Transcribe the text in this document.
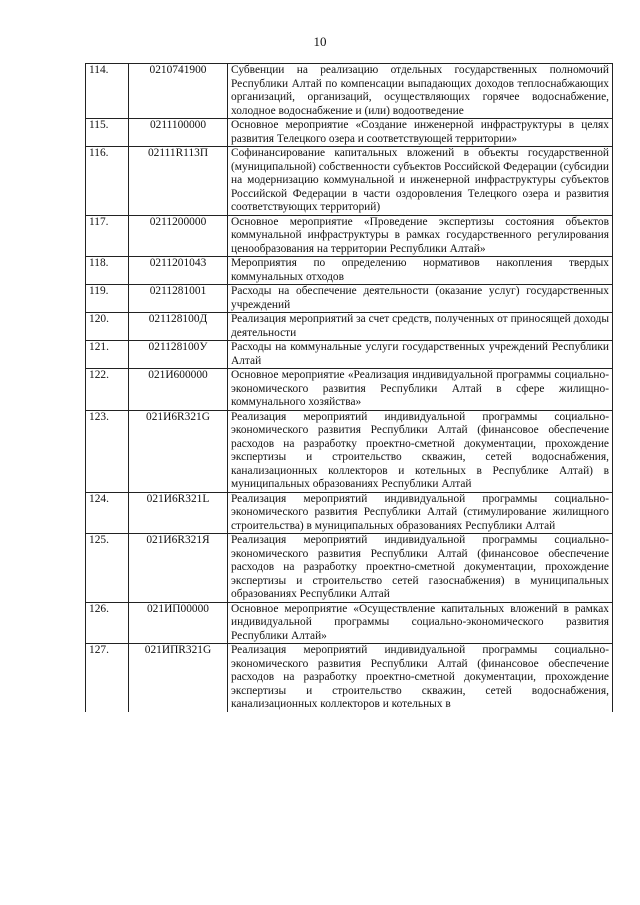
10
114.	0210741900	Субвенции на реализацию отдельных государственных полномочий Республики Алтай по компенсации выпадающих доходов теплоснабжающих организаций, организаций, осуществляющих горячее водоснабжение, холодное водоснабжение и (или) водоотведение
115.	0211100000	Основное мероприятие «Создание инженерной инфраструктуры в целях развития Телецкого озера и соответствующей территории»
116.	02111R113П	Софинансирование капитальных вложений в объекты государственной (муниципальной) собственности субъектов Российской Федерации (субсидии на модернизацию коммунальной и инженерной инфраструктуры субъектов Российской Федерации в части оздоровления Телецкого озера и развития соответствующих территорий)
117.	0211200000	Основное мероприятие «Проведение экспертизы состояния объектов коммунальной инфраструктуры в рамках государственного регулирования ценообразования на территории Республики Алтай»
118.	0211201043	Мероприятия по определению нормативов накопления твердых коммунальных отходов
119.	0211281001	Расходы на обеспечение деятельности (оказание услуг) государственных учреждений
120.	021128100Д	Реализация мероприятий за счет средств, полученных от приносящей доходы деятельности
121.	021128100У	Расходы на коммунальные услуги государственных учреждений Республики Алтай
122.	021И600000	Основное мероприятие «Реализация индивидуальной программы социально-экономического развития Республики Алтай в сфере жилищно-коммунального хозяйства»
123.	021И6R321G	Реализация мероприятий индивидуальной программы социально-экономического развития Республики Алтай (финансовое обеспечение расходов на разработку проектно-сметной документации, прохождение экспертизы и строительство скважин, сетей водоснабжения, канализационных коллекторов и котельных в Республике Алтай) в муниципальных образованиях Республики Алтай
124.	021И6R321L	Реализация мероприятий индивидуальной программы социально-экономического развития Республики Алтай (стимулирование жилищного строительства) в муниципальных образованиях Республики Алтай
125.	021И6R321Я	Реализация мероприятий индивидуальной программы социально-экономического развития Республики Алтай (финансовое обеспечение расходов на разработку проектно-сметной документации, прохождение экспертизы и строительство сетей газоснабжения) в муниципальных образованиях Республики Алтай
126.	021ИП00000	Основное мероприятие «Осуществление капитальных вложений в рамках индивидуальной программы социально-экономического развития Республики Алтай»
127.	021ИПR321G	Реализация мероприятий индивидуальной программы социально-экономического развития Республики Алтай (финансовое обеспечение расходов на разработку проектно-сметной документации, прохождение экспертизы и строительство скважин, сетей водоснабжения, канализационных коллекторов и котельных в
